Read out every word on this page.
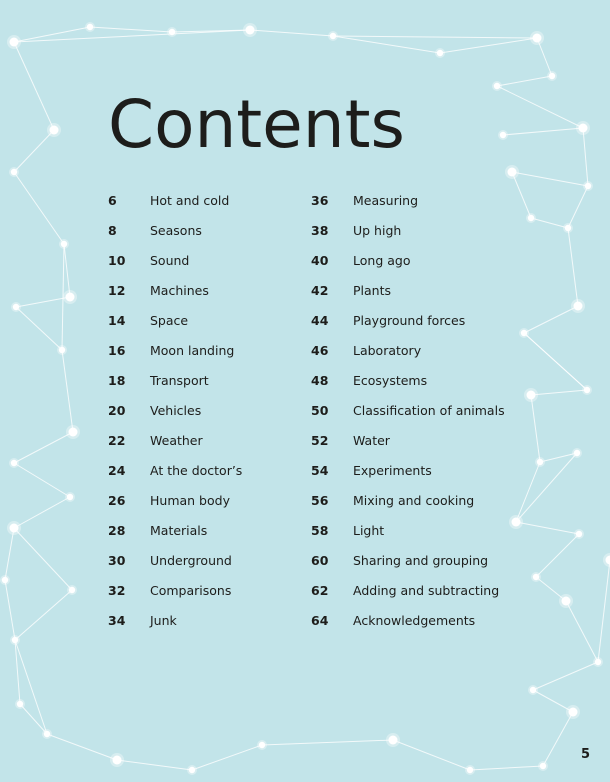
Contents
6	Hot and cold
8	Seasons
10	Sound
12	Machines
14	Space
16	Moon landing
18	Transport
20	Vehicles
22	Weather
24	At the doctor’s
26	Human body
28	Materials
30	Underground
32	Comparisons
34	Junk
36	Measuring
38	Up high
40	Long ago
42	Plants
44	Playground forces
46	Laboratory
48	Ecosystems
50	Classification of animals
52	Water
54	Experiments
56	Mixing and cooking
58	Light
60	Sharing and grouping
62	Adding and subtracting
64	Acknowledgements
5
